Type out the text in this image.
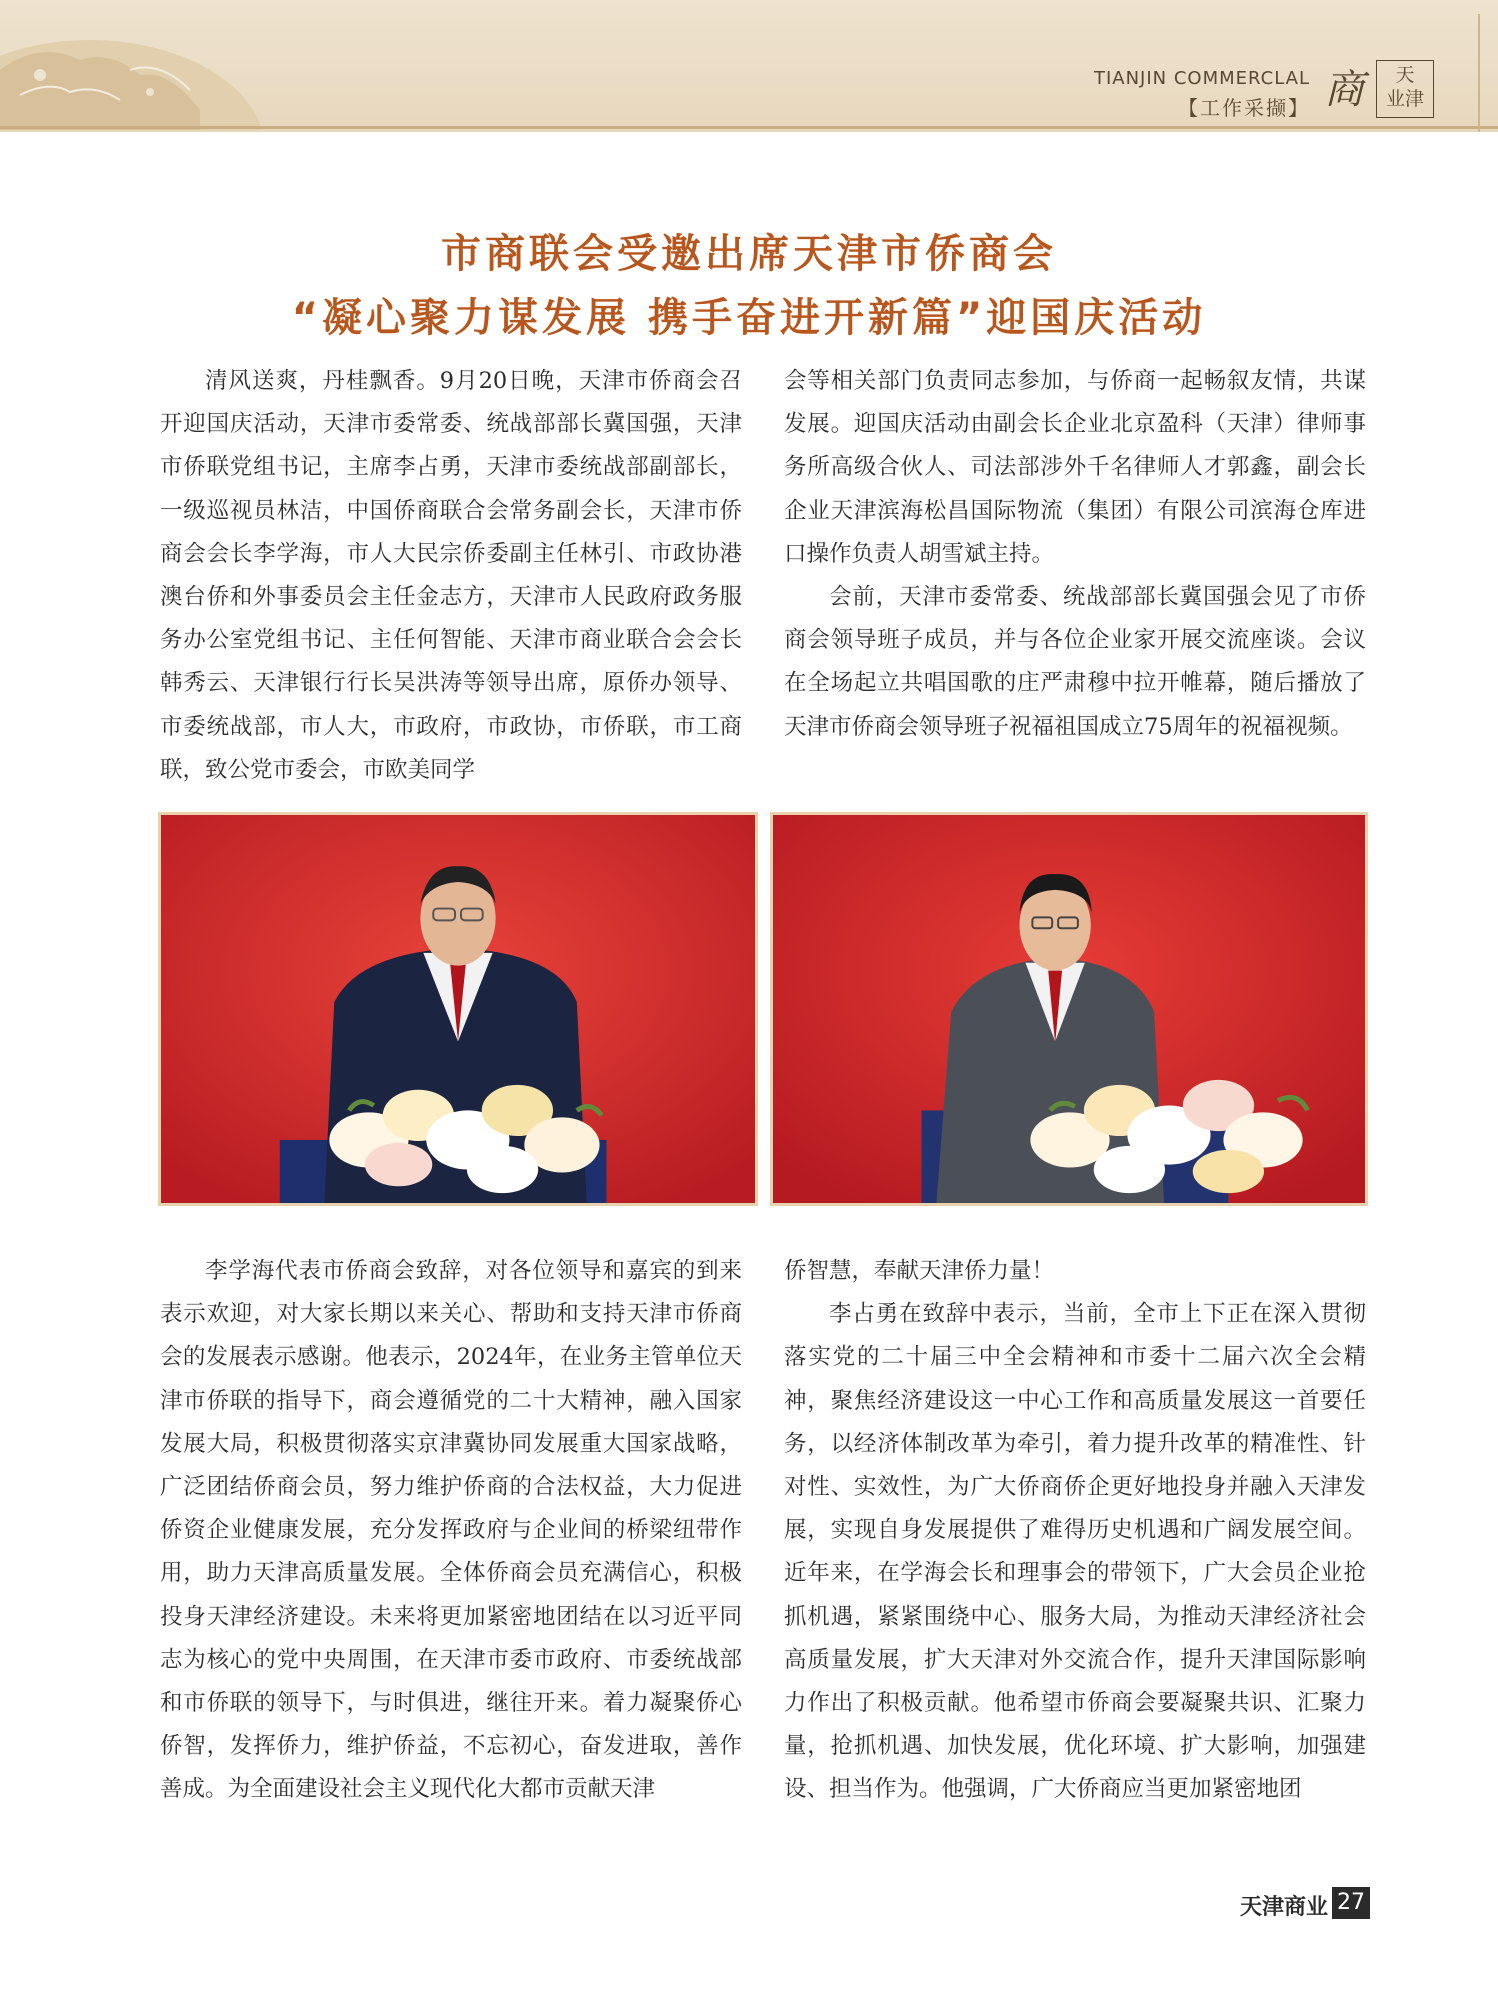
TIANJIN COMMERCLAL
【工作采撷】 商	天
业津
市商联会受邀出席天津市侨商会
“凝心聚力谋发展 携手奋进开新篇”迎国庆活动

清风送爽，丹桂飘香。9月20日晚，天津市侨商会召开迎国庆活动，天津市委常委、统战部部长冀国强，天津市侨联党组书记，主席李占勇，天津市委统战部副部长，一级巡视员林洁，中国侨商联合会常务副会长，天津市侨商会会长李学海，市人大民宗侨委副主任林引、市政协港澳台侨和外事委员会主任金志方，天津市人民政府政务服务办公室党组书记、主任何智能、天津市商业联合会会长韩秀云、天津银行行长吴洪涛等领导出席，原侨办领导、市委统战部，市人大，市政府，市政协，市侨联，市工商联，致公党市委会，市欧美同学

会等相关部门负责同志参加，与侨商一起畅叙友情，共谋发展。迎国庆活动由副会长企业北京盈科（天津）律师事务所高级合伙人、司法部涉外千名律师人才郭鑫，副会长企业天津滨海松昌国际物流（集团）有限公司滨海仓库进口操作负责人胡雪斌主持。

会前，天津市委常委、统战部部长冀国强会见了市侨商会领导班子成员，并与各位企业家开展交流座谈。会议在全场起立共唱国歌的庄严肃穆中拉开帷幕，随后播放了天津市侨商会领导班子祝福祖国成立75周年的祝福视频。

李学海代表市侨商会致辞，对各位领导和嘉宾的到来表示欢迎，对大家长期以来关心、帮助和支持天津市侨商会的发展表示感谢。他表示，2024年，在业务主管单位天津市侨联的指导下，商会遵循党的二十大精神，融入国家发展大局，积极贯彻落实京津冀协同发展重大国家战略，广泛团结侨商会员，努力维护侨商的合法权益，大力促进侨资企业健康发展，充分发挥政府与企业间的桥梁纽带作用，助力天津高质量发展。全体侨商会员充满信心，积极投身天津经济建设。未来将更加紧密地团结在以习近平同志为核心的党中央周围，在天津市委市政府、市委统战部和市侨联的领导下，与时俱进，继往开来。着力凝聚侨心侨智，发挥侨力，维护侨益，不忘初心，奋发进取，善作善成。为全面建设社会主义现代化大都市贡献天津

侨智慧，奉献天津侨力量！

李占勇在致辞中表示，当前，全市上下正在深入贯彻落实党的二十届三中全会精神和市委十二届六次全会精神，聚焦经济建设这一中心工作和高质量发展这一首要任务，以经济体制改革为牵引，着力提升改革的精准性、针对性、实效性，为广大侨商侨企更好地投身并融入天津发展，实现自身发展提供了难得历史机遇和广阔发展空间。近年来，在学海会长和理事会的带领下，广大会员企业抢抓机遇，紧紧围绕中心、服务大局，为推动天津经济社会高质量发展，扩大天津对外交流合作，提升天津国际影响力作出了积极贡献。他希望市侨商会要凝聚共识、汇聚力量，抢抓机遇、加快发展，优化环境、扩大影响，加强建设、担当作为。他强调，广大侨商应当更加紧密地团

天津商业 27
